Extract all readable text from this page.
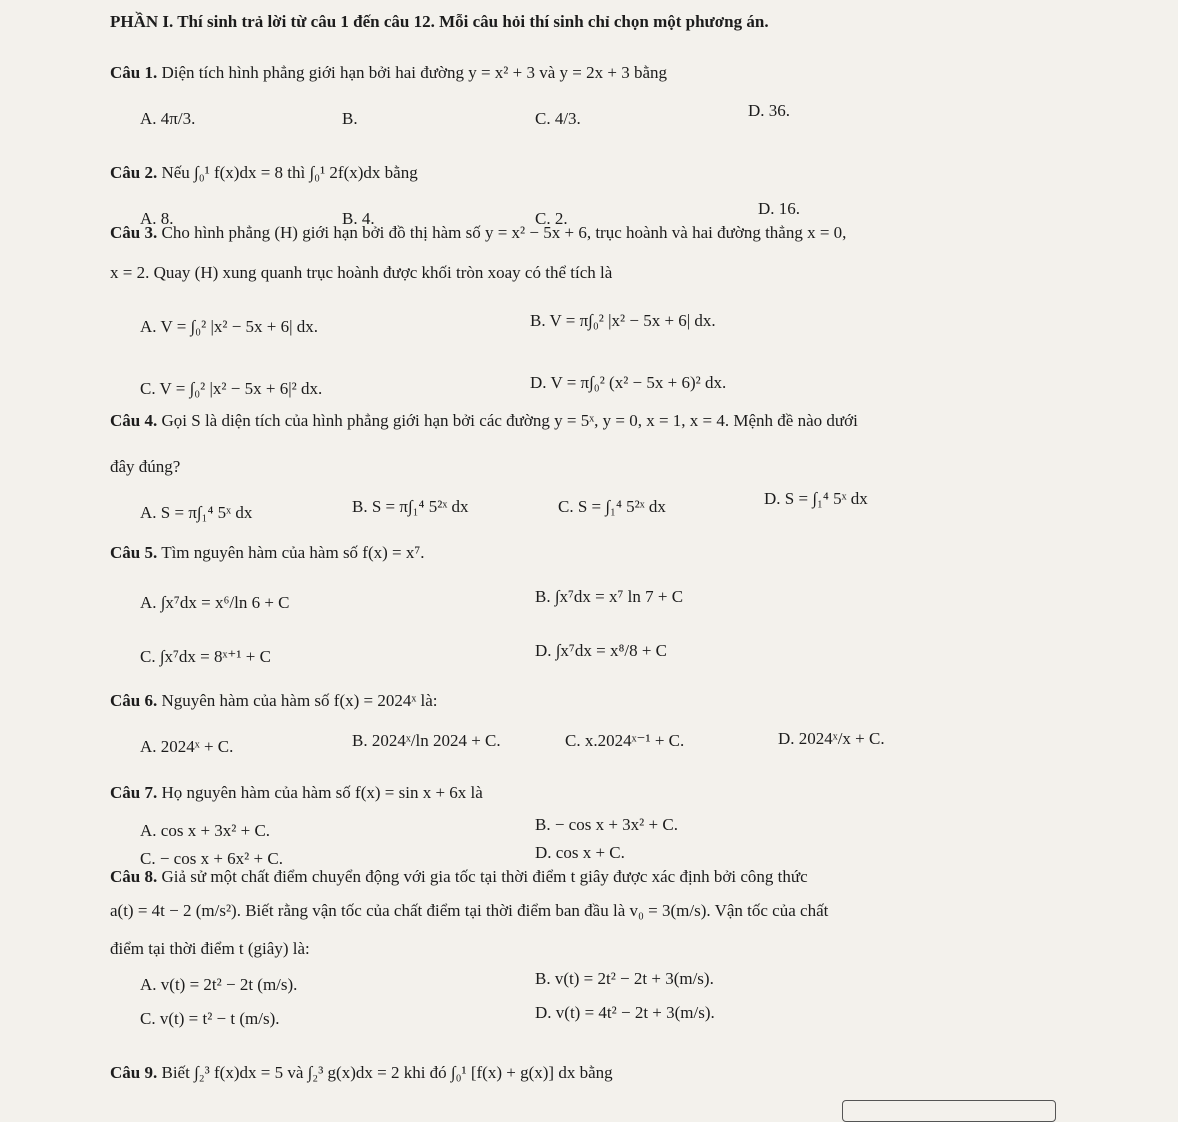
PHẦN I. Thí sinh trả lời từ câu 1 đến câu 12. Mỗi câu hỏi thí sinh chỉ chọn một phương án.
Câu 1. Diện tích hình phẳng giới hạn bởi hai đường y = x² + 3 và y = 2x + 3 bằng
A. 4π/3.	B.	C. 4/3.	D. 36.
Câu 2. Nếu ∫₀¹ f(x)dx = 8 thì ∫₀¹ 2f(x)dx bằng
A. 8.	B. 4.	C. 2.
D. 16.
Câu 3. Cho hình phẳng (H) giới hạn bởi đồ thị hàm số y = x² − 5x + 6, trục hoành và hai đường thẳng x = 0,
x = 2. Quay (H) xung quanh trục hoành được khối tròn xoay có thể tích là
A. V = ∫₀² |x² − 5x + 6| dx.	B. V = π∫₀² |x² − 5x + 6| dx.
C. V = ∫₀² |x² − 5x + 6|² dx.	D. V = π∫₀² (x² − 5x + 6)² dx.
Câu 4. Gọi S là diện tích của hình phẳng giới hạn bởi các đường y = 5ˣ, y = 0, x = 1, x = 4. Mệnh đề nào dưới
đây đúng?
A. S = π∫₁⁴ 5ˣ dx	B. S = π∫₁⁴ 5²ˣ dx	C. S = ∫₁⁴ 5²ˣ dx	D. S = ∫₁⁴ 5ˣ dx
Câu 5. Tìm nguyên hàm của hàm số f(x) = x⁷.
A. ∫x⁷dx = x⁶/ln 6 + C	B. ∫x⁷dx = x⁷ ln 7 + C
C. ∫x⁷dx = 8ˣ⁺¹ + C	D. ∫x⁷dx = x⁸/8 + C
Câu 6. Nguyên hàm của hàm số f(x) = 2024ˣ là:
A. 2024ˣ + C.	B. 2024ˣ/ln 2024 + C.	C. x.2024ˣ⁻¹ + C.	D. 2024ˣ/x + C.
Câu 7. Họ nguyên hàm của hàm số f(x) = sin x + 6x là
A. cos x + 3x² + C.	B. − cos x + 3x² + C.
C. − cos x + 6x² + C.	D. cos x + C.
Câu 8. Giả sử một chất điểm chuyển động với gia tốc tại thời điểm t giây được xác định bởi công thức
a(t) = 4t − 2 (m/s²). Biết rằng vận tốc của chất điểm tại thời điểm ban đầu là v₀ = 3(m/s). Vận tốc của chất
điểm tại thời điểm t (giây) là:
A. v(t) = 2t² − 2t (m/s).	B. v(t) = 2t² − 2t + 3(m/s).
C. v(t) = t² − t (m/s).	D. v(t) = 4t² − 2t + 3(m/s).
Câu 9. Biết ∫₂³ f(x)dx = 5 và ∫₂³ g(x)dx = 2 khi đó ∫₀¹ [f(x) + g(x)] dx bằng
